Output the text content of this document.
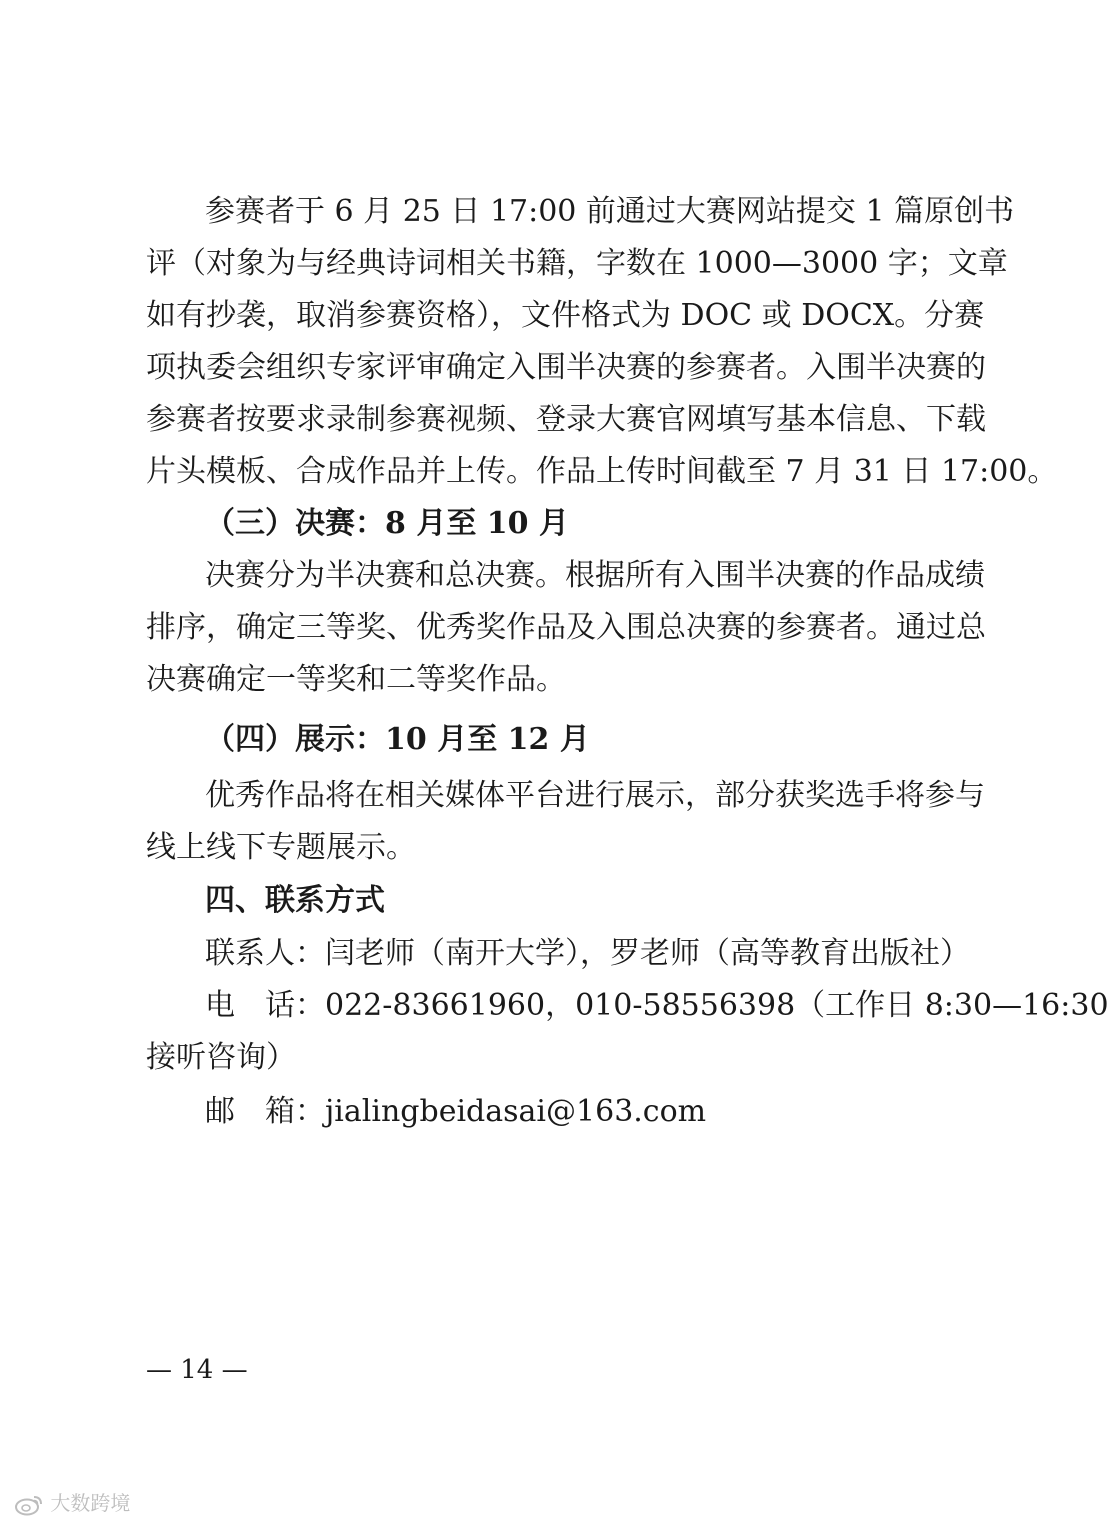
参赛者于 6 月 25 日 17:00 前通过大赛网站提交 1 篇原创书
评（对象为与经典诗词相关书籍，字数在 1000—3000 字；文章
如有抄袭，取消参赛资格），文件格式为 DOC 或 DOCX。分赛
项执委会组织专家评审确定入围半决赛的参赛者。入围半决赛的
参赛者按要求录制参赛视频、登录大赛官网填写基本信息、下载
片头模板、合成作品并上传。作品上传时间截至 7 月 31 日 17:00。
（三）决赛：8 月至 10 月
决赛分为半决赛和总决赛。根据所有入围半决赛的作品成绩
排序，确定三等奖、优秀奖作品及入围总决赛的参赛者。通过总
决赛确定一等奖和二等奖作品。
（四）展示：10 月至 12 月
优秀作品将在相关媒体平台进行展示，部分获奖选手将参与
线上线下专题展示。
四、联系方式
联系人：闫老师（南开大学），罗老师（高等教育出版社）
电　话：022-83661960，010-58556398（工作日 8:30—16:30
接听咨询）
邮　箱：jialingbeidasai@163.com
— 14 —
大数跨境
